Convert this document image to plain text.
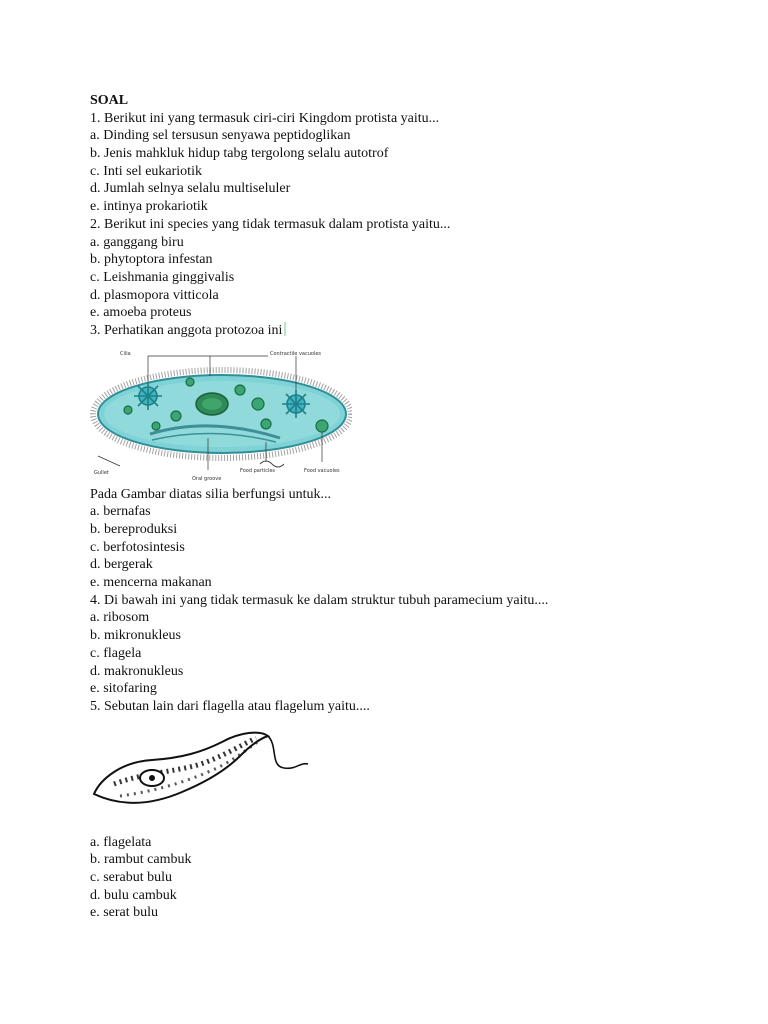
SOAL
1. Berikut ini yang termasuk ciri-ciri Kingdom protista yaitu...
a. Dinding sel tersusun senyawa peptidoglikan
b. Jenis mahkluk hidup tabg tergolong selalu autotrof
c. Inti sel eukariotik
d. Jumlah selnya selalu multiseluler
e. intinya prokariotik
2. Berikut ini species yang tidak termasuk dalam protista yaitu...
a. ganggang biru
b. phytoptora infestan
c. Leishmania ginggivalis
d. plasmopora vitticola
e. amoeba proteus
3. Perhatikan anggota protozoa ini
Cilia	Contractile vacuoles
Gullet
Oral groove
Food particles	Food vacuoles
Pada Gambar diatas silia berfungsi untuk...
a. bernafas
b. bereproduksi
c. berfotosintesis
d. bergerak
e. mencerna makanan
4. Di bawah ini yang tidak termasuk ke dalam struktur tubuh paramecium yaitu....
a. ribosom
b. mikronukleus
c. flagela
d. makronukleus
e. sitofaring
5. Sebutan lain dari flagella atau flagelum yaitu....
a. flagelata
b. rambut cambuk
c. serabut bulu
d. bulu cambuk
e. serat bulu
